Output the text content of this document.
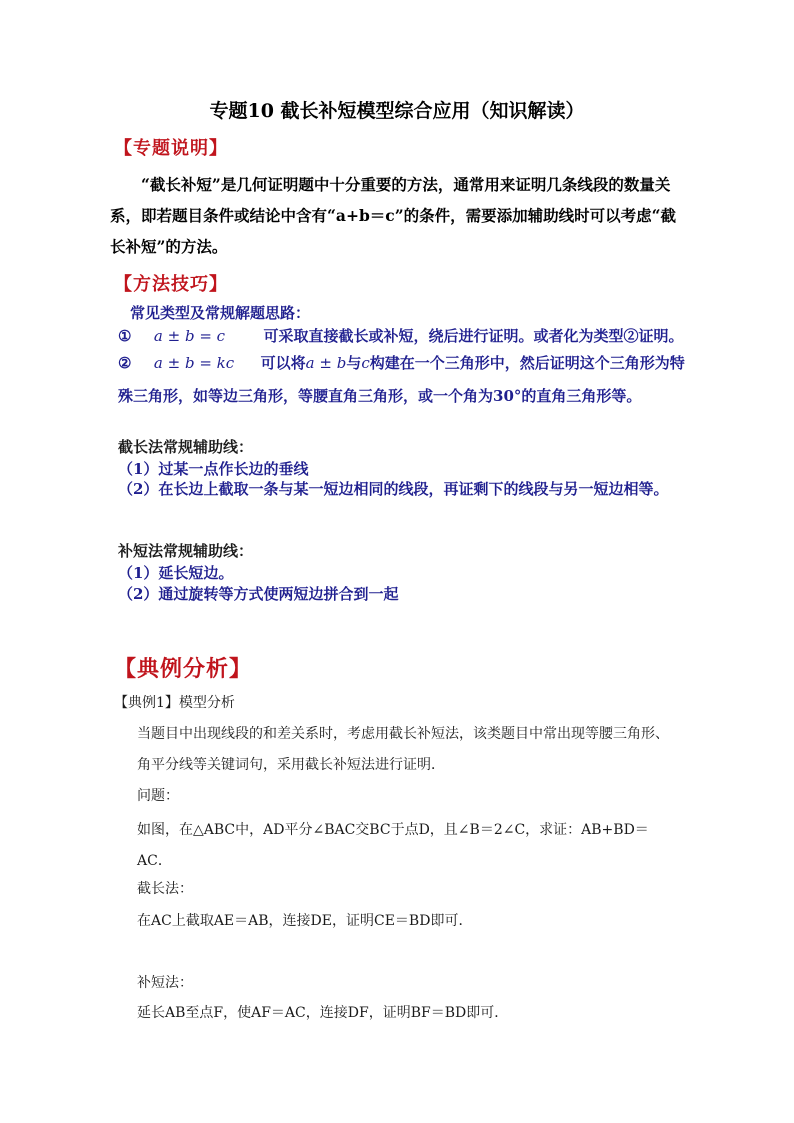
专题10 截长补短模型综合应用（知识解读）
【专题说明】
“截长补短”是几何证明题中十分重要的方法，通常用来证明几条线段的数量关系，即若题目条件或结论中含有“a+b＝c”的条件，需要添加辅助线时可以考虑“截长补短”的方法。
【方法技巧】
常见类型及常规解题思路：
① a ± b = c	可采取直接截长或补短，绕后进行证明。或者化为类型②证明。
② a ± b = kc 可以将a ± b与c构建在一个三角形中，然后证明这个三角形为特
殊三角形，如等边三角形，等腰直角三角形，或一个角为30°的直角三角形等。
截长法常规辅助线：
（1）过某一点作长边的垂线
（2）在长边上截取一条与某一短边相同的线段，再证剩下的线段与另一短边相等。
补短法常规辅助线：
（1）延长短边。
（2）通过旋转等方式使两短边拼合到一起
【典例分析】
【典例1】模型分析
当题目中出现线段的和差关系时，考虑用截长补短法，该类题目中常出现等腰三角形、角平分线等关键词句，采用截长补短法进行证明．
问题：
如图，在△ABC中，AD平分∠BAC交BC于点D，且∠B＝2∠C，求证：AB+BD＝AC．
截长法：
在AC上截取AE＝AB，连接DE，证明CE＝BD即可．
补短法：
延长AB至点F，使AF＝AC，连接DF，证明BF＝BD即可．
